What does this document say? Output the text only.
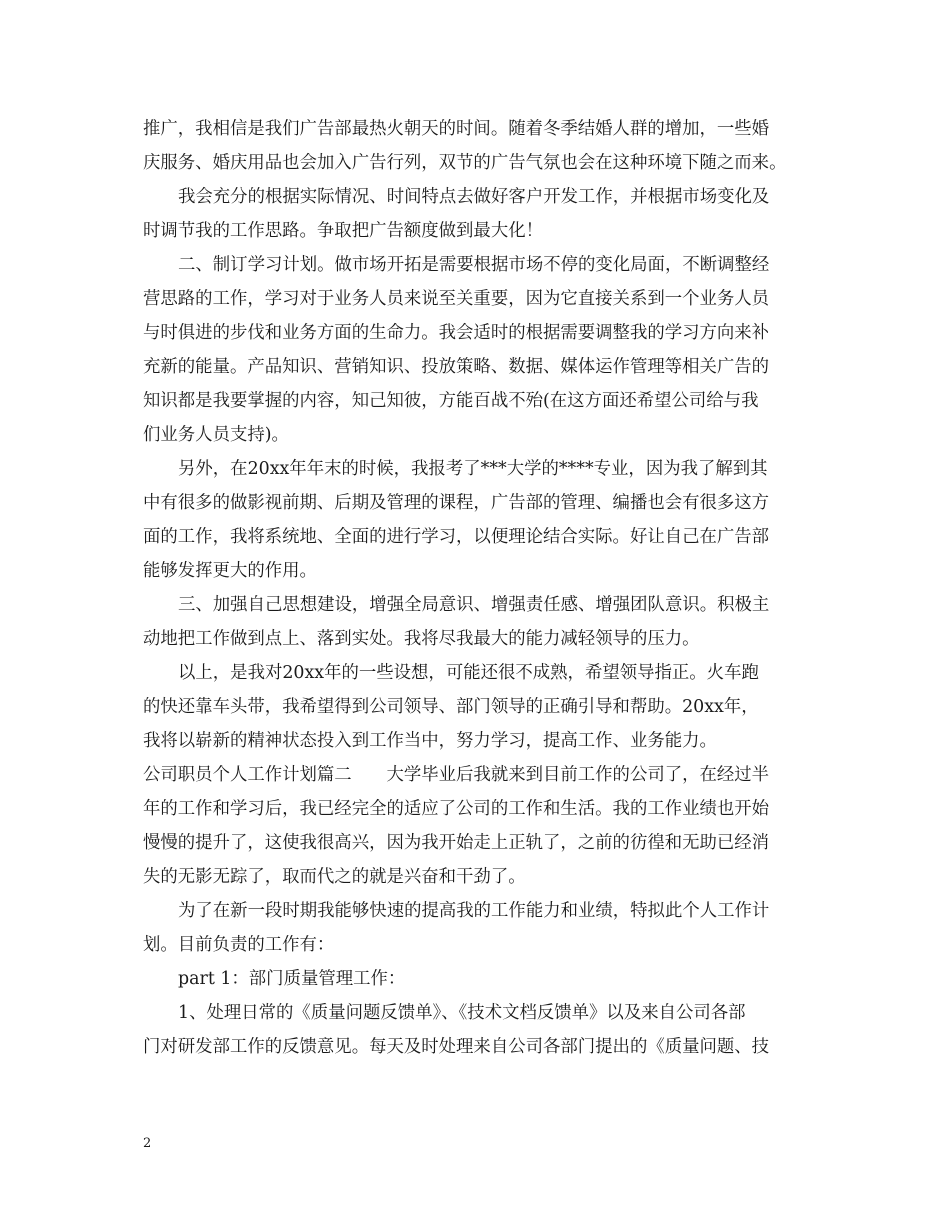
推广，我相信是我们广告部最热火朝天的时间。随着冬季结婚人群的增加，一些婚
庆服务、婚庆用品也会加入广告行列，双节的广告气氛也会在这种环境下随之而来。
我会充分的根据实际情况、时间特点去做好客户开发工作，并根据市场变化及
时调节我的工作思路。争取把广告额度做到最大化！
二、制订学习计划。做市场开拓是需要根据市场不停的变化局面，不断调整经
营思路的工作，学习对于业务人员来说至关重要，因为它直接关系到一个业务人员
与时俱进的步伐和业务方面的生命力。我会适时的根据需要调整我的学习方向来补
充新的能量。产品知识、营销知识、投放策略、数据、媒体运作管理等相关广告的
知识都是我要掌握的内容，知己知彼，方能百战不殆(在这方面还希望公司给与我
们业务人员支持)。
另外，在20xx年年末的时候，我报考了***大学的****专业，因为我了解到其
中有很多的做影视前期、后期及管理的课程，广告部的管理、编播也会有很多这方
面的工作，我将系统地、全面的进行学习，以便理论结合实际。好让自己在广告部
能够发挥更大的作用。
三、加强自己思想建设，增强全局意识、增强责任感、增强团队意识。积极主
动地把工作做到点上、落到实处。我将尽我最大的能力减轻领导的压力。
以上，是我对20xx年的一些设想，可能还很不成熟，希望领导指正。火车跑
的快还靠车头带，我希望得到公司领导、部门领导的正确引导和帮助。20xx年，
我将以崭新的精神状态投入到工作当中，努力学习，提高工作、业务能力。
公司职员个人工作计划篇二　　大学毕业后我就来到目前工作的公司了，在经过半
年的工作和学习后，我已经完全的适应了公司的工作和生活。我的工作业绩也开始
慢慢的提升了，这使我很高兴，因为我开始走上正轨了，之前的彷徨和无助已经消
失的无影无踪了，取而代之的就是兴奋和干劲了。
为了在新一段时期我能够快速的提高我的工作能力和业绩，特拟此个人工作计
划。目前负责的工作有：
part 1：部门质量管理工作：
1、处理日常的《质量问题反馈单》、《技术文档反馈单》以及来自公司各部
门对研发部工作的反馈意见。每天及时处理来自公司各部门提出的《质量问题、技
2
